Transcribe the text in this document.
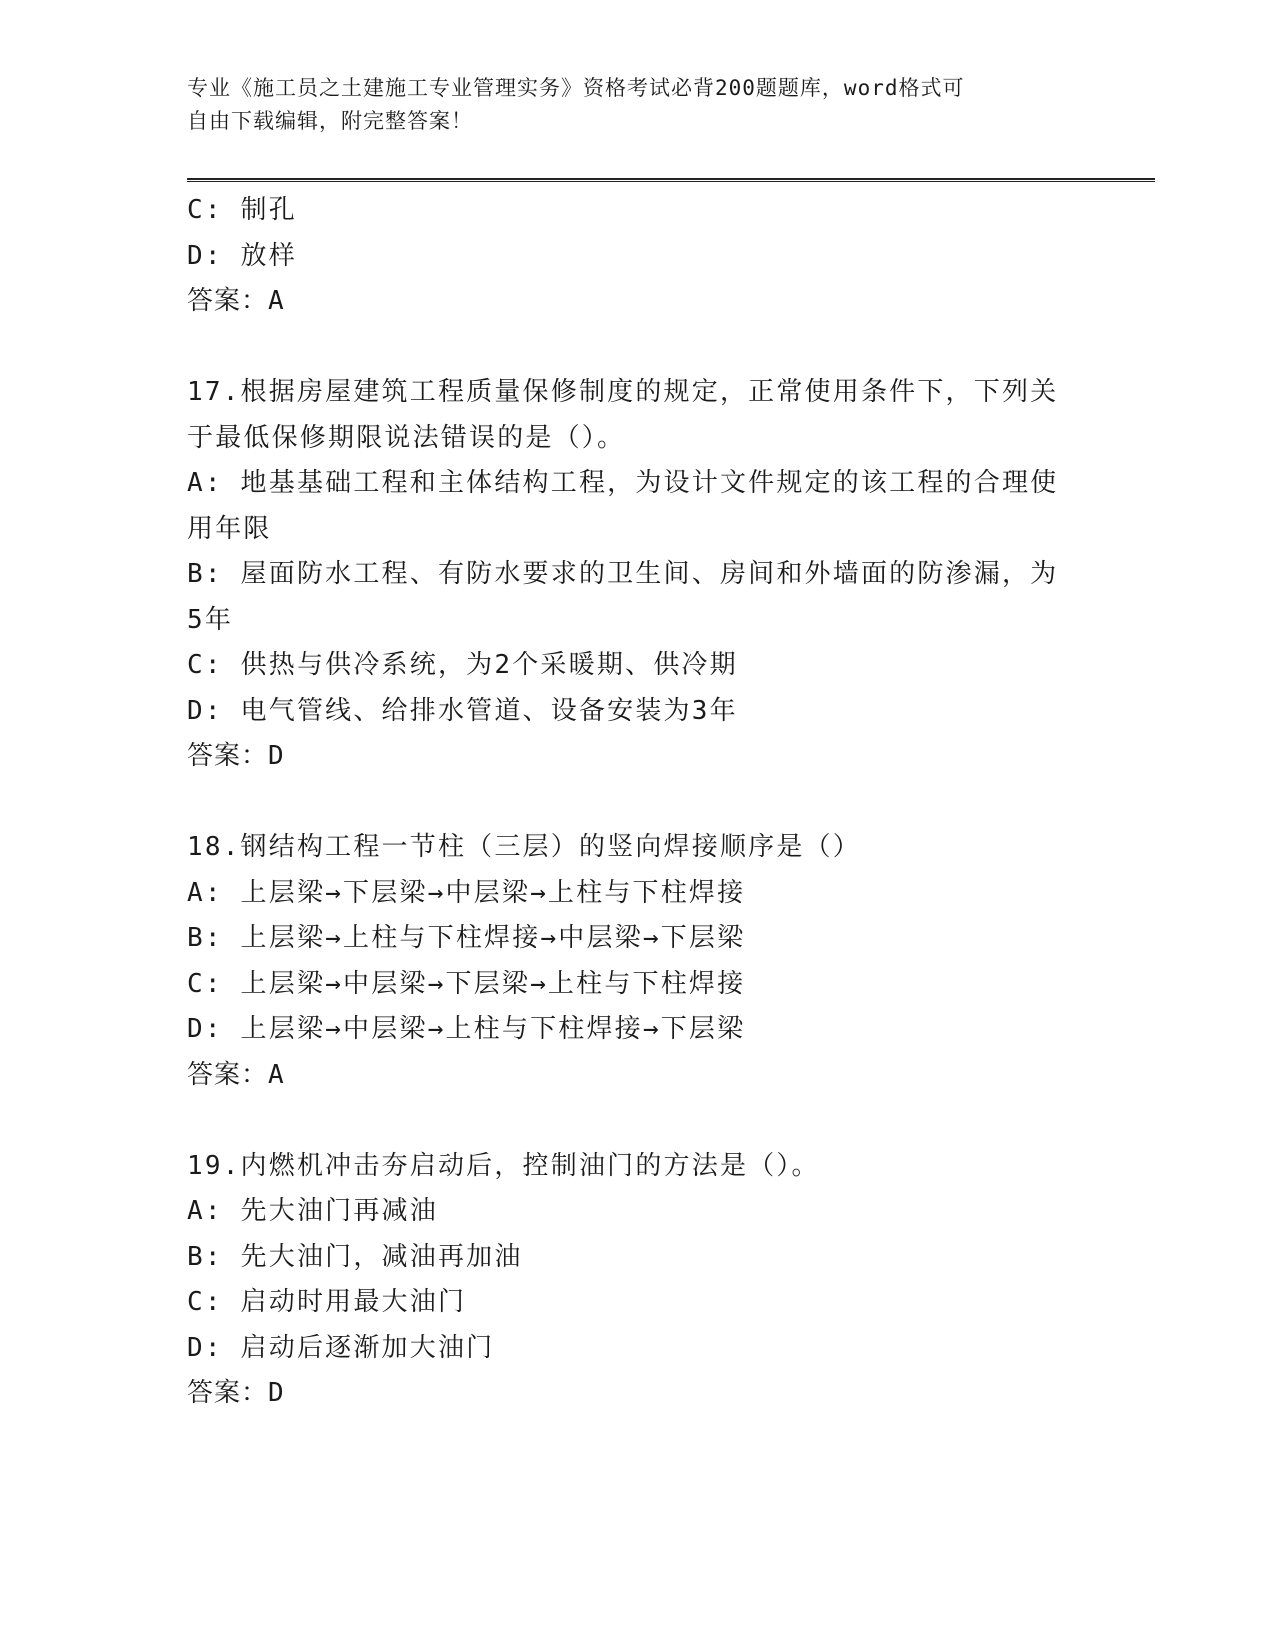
专业《施工员之土建施工专业管理实务》资格考试必背200题题库，word格式可
自由下载编辑，附完整答案！
C: 制孔
D: 放样
答案：A
17.根据房屋建筑工程质量保修制度的规定，正常使用条件下，下列关
于最低保修期限说法错误的是（）。
A: 地基基础工程和主体结构工程，为设计文件规定的该工程的合理使
用年限
B: 屋面防水工程、有防水要求的卫生间、房间和外墙面的防渗漏，为
5年
C: 供热与供冷系统，为2个采暖期、供冷期
D: 电气管线、给排水管道、设备安装为3年
答案：D
18.钢结构工程一节柱（三层）的竖向焊接顺序是（）
A: 上层梁→下层梁→中层梁→上柱与下柱焊接
B: 上层梁→上柱与下柱焊接→中层梁→下层梁
C: 上层梁→中层梁→下层梁→上柱与下柱焊接
D: 上层梁→中层梁→上柱与下柱焊接→下层梁
答案：A
19.内燃机冲击夯启动后，控制油门的方法是（）。
A: 先大油门再减油
B: 先大油门，减油再加油
C: 启动时用最大油门
D: 启动后逐渐加大油门
答案：D
